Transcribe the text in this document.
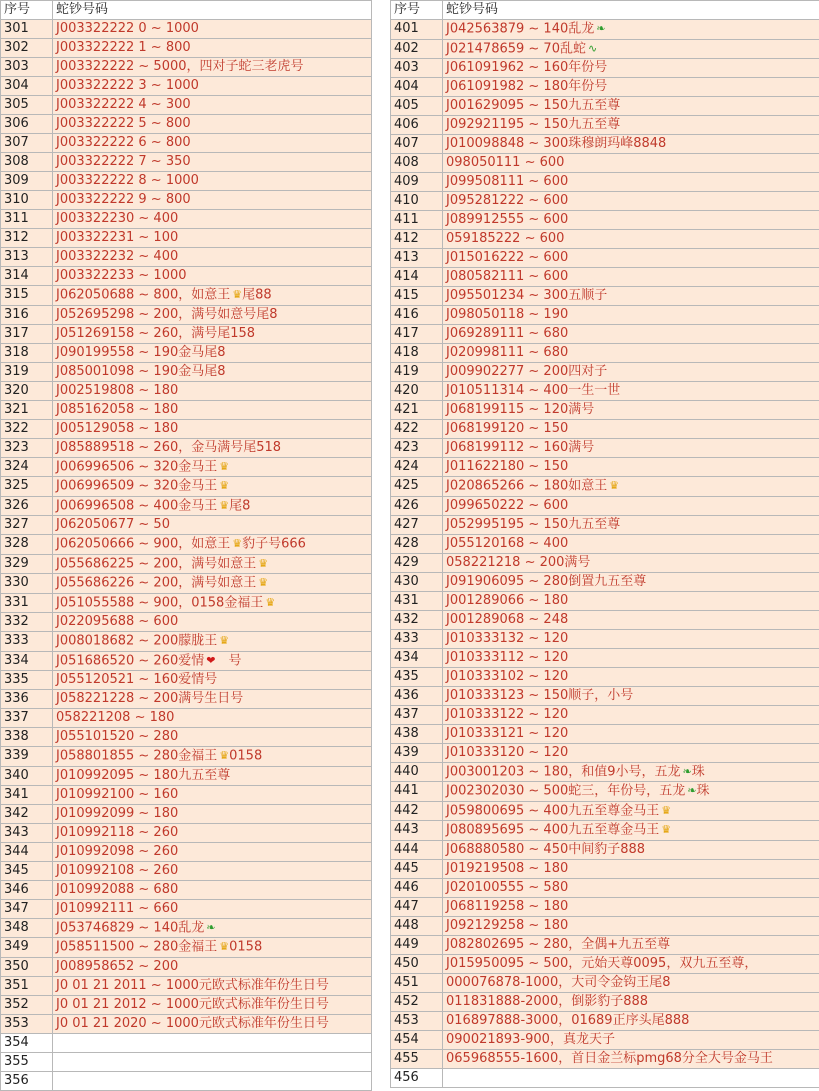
序号	蛇钞号码
301	J003322222 0 ~ 1000
302	J003322222 1 ~ 800
303	J003322222 ~ 5000，四对子蛇三老虎号
304	J003322222 3 ~ 1000
305	J003322222 4 ~ 300
306	J003322222 5 ~ 800
307	J003322222 6 ~ 800
308	J003322222 7 ~ 350
309	J003322222 8 ~ 1000
310	J003322222 9 ~ 800
311	J003322230 ~ 400
312	J003322231 ~ 100
313	J003322232 ~ 400
314	J003322233 ~ 1000
315	J062050688 ~ 800，如意王 ♛尾88
316	J052695298 ~ 200，满号如意号尾8
317	J051269158 ~ 260，满号尾158
318	J090199558 ~ 190金马尾8
319	J085001098 ~ 190金马尾8
320	J002519808 ~ 180
321	J085162058 ~ 180
322	J005129058 ~ 180
323	J085889518 ~ 260，金马满号尾518
324	J006996506 ~ 320金马王 ♛
325	J006996509 ~ 320金马王 ♛
326	J006996508 ~ 400金马王 ♛尾8
327	J062050677 ~ 50
328	J062050666 ~ 900，如意王 ♛豹子号666
329	J055686225 ~ 200，满号如意王 ♛
330	J055686226 ~ 200，满号如意王 ♛
331	J051055588 ~ 900，0158金福王 ♛
332	J022095688 ~ 600
333	J008018682 ~ 200朦胧王 ♛
334	J051686520 ~ 260爱情 ❤　号
335	J055120521 ~ 160爱情号
336	J058221228 ~ 200满号生日号
337	058221208 ~ 180
338	J055101520 ~ 280
339	J058801855 ~ 280金福王 ♛0158
340	J010992095 ~ 180九五至尊
341	J010992100 ~ 160
342	J010992099 ~ 180
343	J010992118 ~ 260
344	J010992098 ~ 260
345	J010992108 ~ 260
346	J010992088 ~ 680
347	J010992111 ~ 660
348	J053746829 ~ 140乱龙 ❧
349	J058511500 ~ 280金福王 ♛0158
350	J008958652 ~ 200
351	J0 01 21 2011 ~ 1000元欧式标准年份生日号
352	J0 01 21 2012 ~ 1000元欧式标准年份生日号
353	J0 01 21 2020 ~ 1000元欧式标准年份生日号
354	
355	
356	
序号	蛇钞号码
401	J042563879 ~ 140乱龙 ❧
402	J021478659 ~ 70乱蛇 ∿
403	J061091962 ~ 160年份号
404	J061091982 ~ 180年份号
405	J001629095 ~ 150九五至尊
406	J092921195 ~ 150九五至尊
407	J010098848 ~ 300珠穆朗玛峰8848
408	098050111 ~ 600
409	J099508111 ~ 600
410	J095281222 ~ 600
411	J089912555 ~ 600
412	059185222 ~ 600
413	J015016222 ~ 600
414	J080582111 ~ 600
415	J095501234 ~ 300五顺子
416	J098050118 ~ 190
417	J069289111 ~ 680
418	J020998111 ~ 680
419	J009902277 ~ 200四对子
420	J010511314 ~ 400一生一世
421	J068199115 ~ 120满号
422	J068199120 ~ 150
423	J068199112 ~ 160满号
424	J011622180 ~ 150
425	J020865266 ~ 180如意王 ♛
426	J099650222 ~ 600
427	J052995195 ~ 150九五至尊
428	J055120168 ~ 400
429	058221218 ~ 200满号
430	J091906095 ~ 280倒置九五至尊
431	J001289066 ~ 180
432	J001289068 ~ 248
433	J010333132 ~ 120
434	J010333112 ~ 120
435	J010333102 ~ 120
436	J010333123 ~ 150顺子，小号
437	J010333122 ~ 120
438	J010333121 ~ 120
439	J010333120 ~ 120
440	J003001203 ~ 180，和值9小号，五龙 ❧珠
441	J002302030 ~ 500蛇三，年份号，五龙 ❧珠
442	J059800695 ~ 400九五至尊金马王 ♛
443	J080895695 ~ 400九五至尊金马王 ♛
444	J068880580 ~ 450中间豹子888
445	J019219508 ~ 180
446	J020100555 ~ 580
447	J068119258 ~ 180
448	J092129258 ~ 180
449	J082802695 ~ 280，全偶+九五至尊
450	J015950095 ~ 500，元始天尊0095，双九五至尊，
451	000076878-1000，大司令金钩王尾8
452	011831888-2000，倒影豹子888
453	016897888-3000，01689正序头尾888
454	090021893-900，真龙天子
455	065968555-1600，首日金兰标pmg68分全大号金马王
456	
